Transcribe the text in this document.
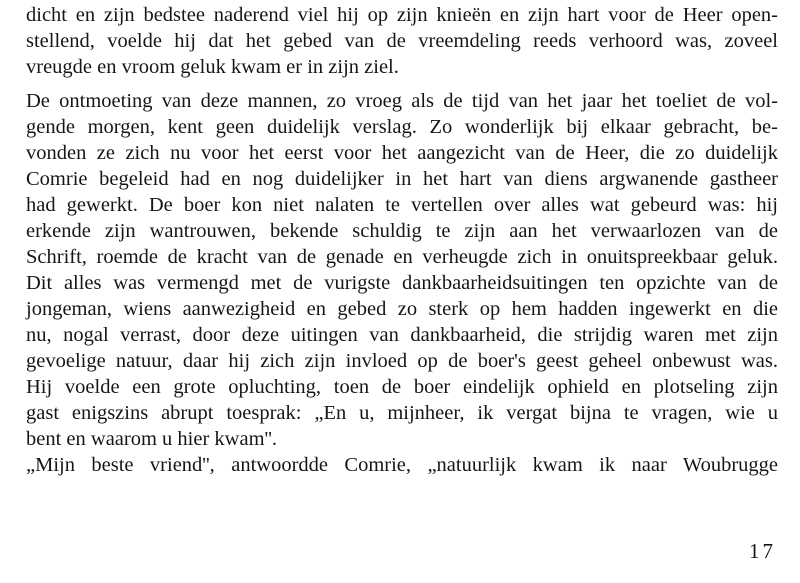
dicht en zijn bedstee naderend viel hij op zijn knieën en zijn hart voor de Heer open-
stellend, voelde hij dat het gebed van de vreemdeling reeds verhoord was, zoveel
vreugde en vroom geluk kwam er in zijn ziel.
De ontmoeting van deze mannen, zo vroeg als de tijd van het jaar het toeliet de vol-
gende morgen, kent geen duidelijk verslag. Zo wonderlijk bij elkaar gebracht, be-
vonden ze zich nu voor het eerst voor het aangezicht van de Heer, die zo duidelijk
Comrie begeleid had en nog duidelijker in het hart van diens argwanende gastheer
had gewerkt. De boer kon niet nalaten te vertellen over alles wat gebeurd was: hij
erkende zijn wantrouwen, bekende schuldig te zijn aan het verwaarlozen van de
Schrift, roemde de kracht van de genade en verheugde zich in onuitspreekbaar geluk.
Dit alles was vermengd met de vurigste dankbaarheidsuitingen ten opzichte van de
jongeman, wiens aanwezigheid en gebed zo sterk op hem hadden ingewerkt en die
nu, nogal verrast, door deze uitingen van dankbaarheid, die strijdig waren met zijn
gevoelige natuur, daar hij zich zijn invloed op de boer's geest geheel onbewust was.
Hij voelde een grote opluchting, toen de boer eindelijk ophield en plotseling zijn
gast enigszins abrupt toesprak: „En u, mijnheer, ik vergat bijna te vragen, wie u
bent en waarom u hier kwam''.
„Mijn beste vriend'', antwoordde Comrie, „natuurlijk kwam ik naar Woubrugge
17
